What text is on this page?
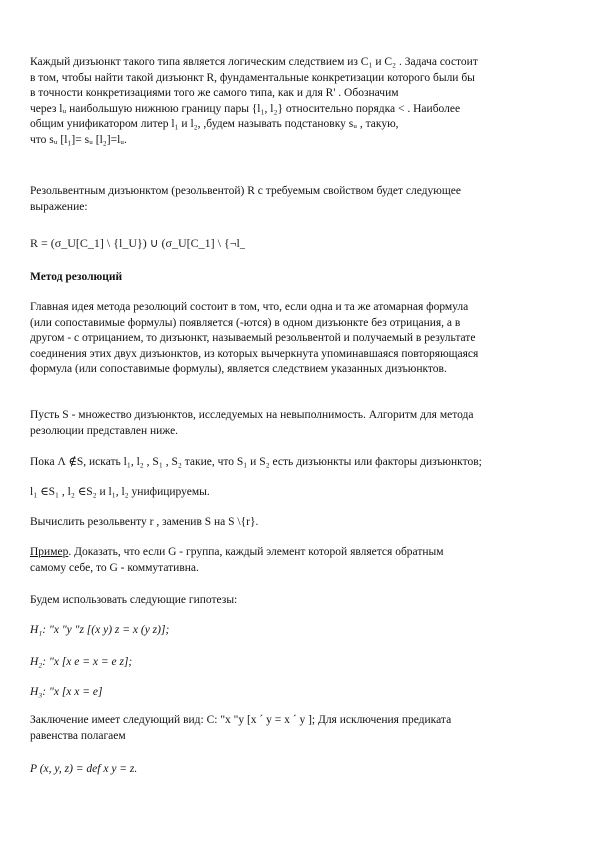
Каждый дизъюнкт такого типа является логическим следствием из C₁ и C₂ . Задача состоит
в том, чтобы найти такой дизъюнкт R, фундаментальные конкретизации которого были бы
в точности конкретизациями того же самого типа, как и для R' . Обозначим
через lᵤ наибольшую нижнюю границу пары {l₁, l₂} относительно порядка < . Наиболее
общим унификатором литер l₁ и l₂, ,будем называть подстановку sᵤ , такую,
что sᵤ [l₁]= sᵤ [l₂]=lᵤ.

Резольвентным дизъюнктом (резольвентой) R с требуемым свойством будет следующее
выражение:

R = (σ_U[C_1] \ {l_U}) ∪ (σ_U[C_1] \ {¬l_U}).

Метод резолюций

Главная идея метода резолюций состоит в том, что, если одна и та же атомарная формула
(или сопоставимые формулы) появляется (-ются) в одном дизъюнкте без отрицания, а в
другом - с отрицанием, то дизъюнкт, называемый резольвентой и получаемый в результате
соединения этих двух дизъюнктов, из которых вычеркнута упоминавшаяся повторяющаяся
формула (или сопоставимые формулы), является следствием указанных дизъюнктов.

Пусть S - множество дизъюнктов, исследуемых на невыполнимость. Алгоритм для метода
резолюции представлен ниже.

Пока Λ ∉S, искать l₁, l₂ , S₁ , S₂ такие, что S₁ и S₂ есть дизъюнкты или факторы дизъюнктов;

l₁ ∈S₁ , l₂ ∈S₂ и l₁, l₂ унифицируемы.

Вычислить резольвенту r , заменив S на S \{r}.

Пример. Доказать, что если G - группа, каждый элемент которой является обратным
самому себе, то G - коммутативна.

Будем использовать следующие гипотезы:

H₁: "x "y "z [(x y) z = x (y z)];

H₂: "x [x e = x = e z];

H₃: "x [x x = e]

Заключение имеет следующий вид: С: "x "y [x ´ y = x ´ y ]; Для исключения предиката
равенства полагаем

P (x, y, z) = def x y = z.
